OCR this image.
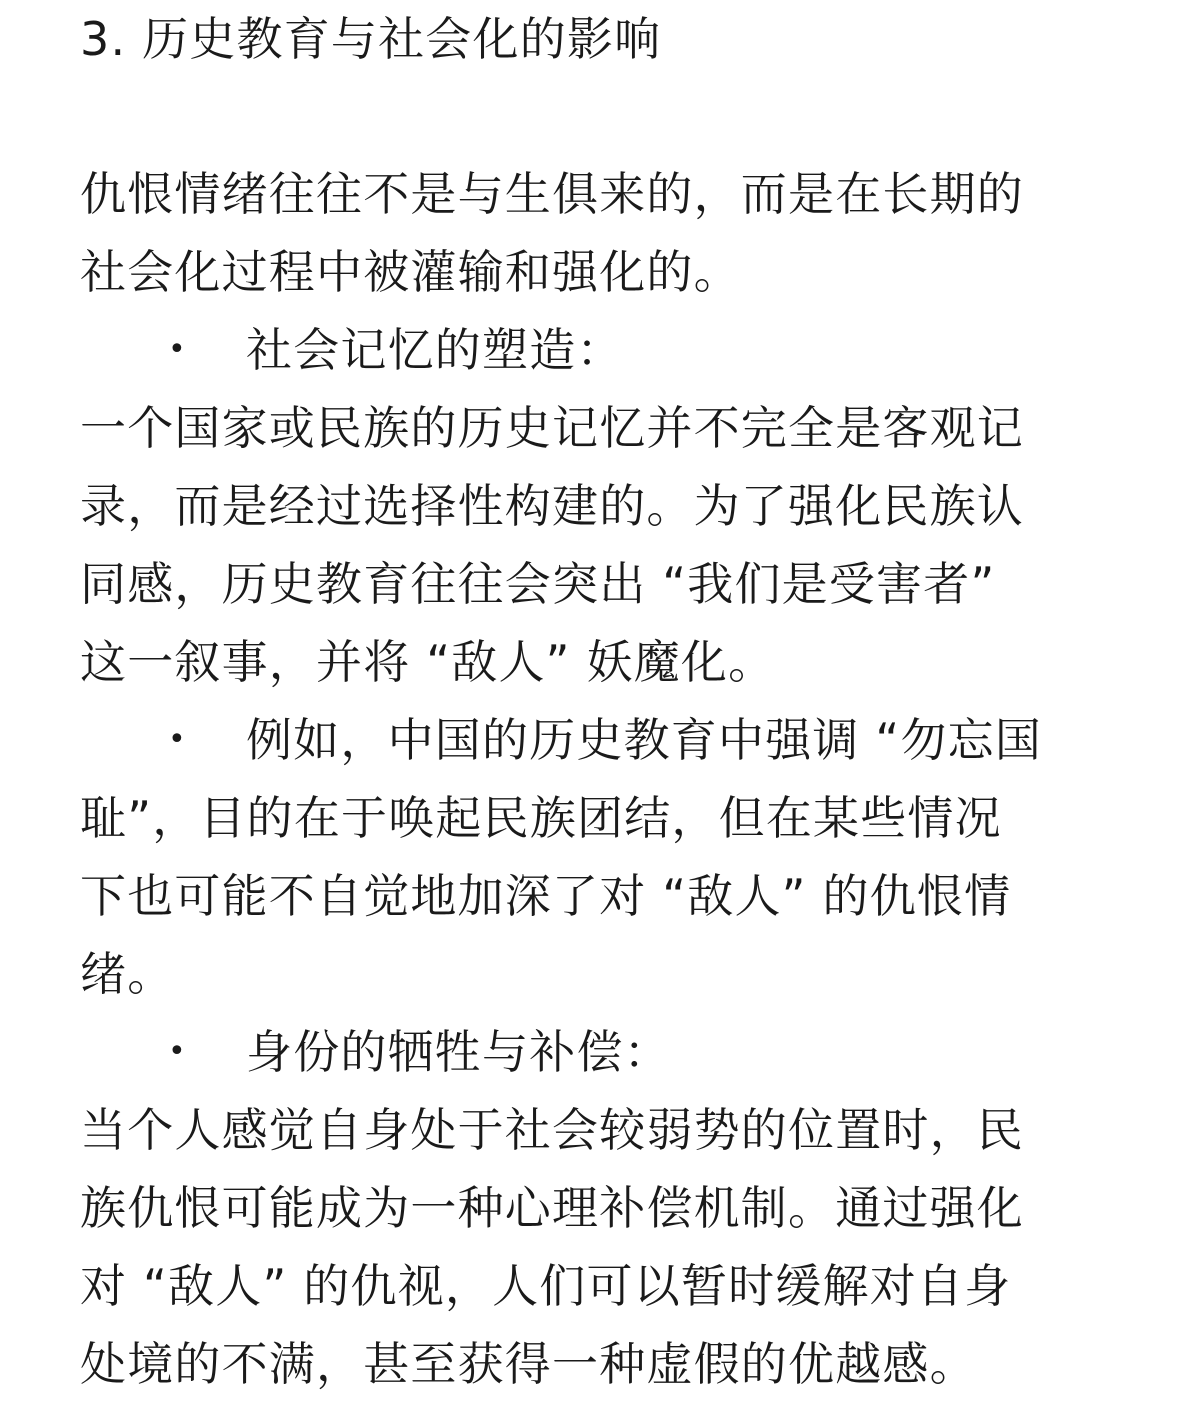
3. 历史教育与社会化的影响
仇恨情绪往往不是与生俱来的，而是在长期的
社会化过程中被灌输和强化的。
• 社会记忆的塑造：
一个国家或民族的历史记忆并不完全是客观记
录，而是经过选择性构建的。为了强化民族认
同感，历史教育往往会突出 “我们是受害者”
这一叙事，并将 “敌人” 妖魔化。
• 例如，中国的历史教育中强调 “勿忘国
耻”，目的在于唤起民族团结，但在某些情况
下也可能不自觉地加深了对 “敌人” 的仇恨情
绪。
• 身份的牺牲与补偿：
当个人感觉自身处于社会较弱势的位置时，民
族仇恨可能成为一种心理补偿机制。通过强化
对 “敌人” 的仇视，人们可以暂时缓解对自身
处境的不满，甚至获得一种虚假的优越感。
